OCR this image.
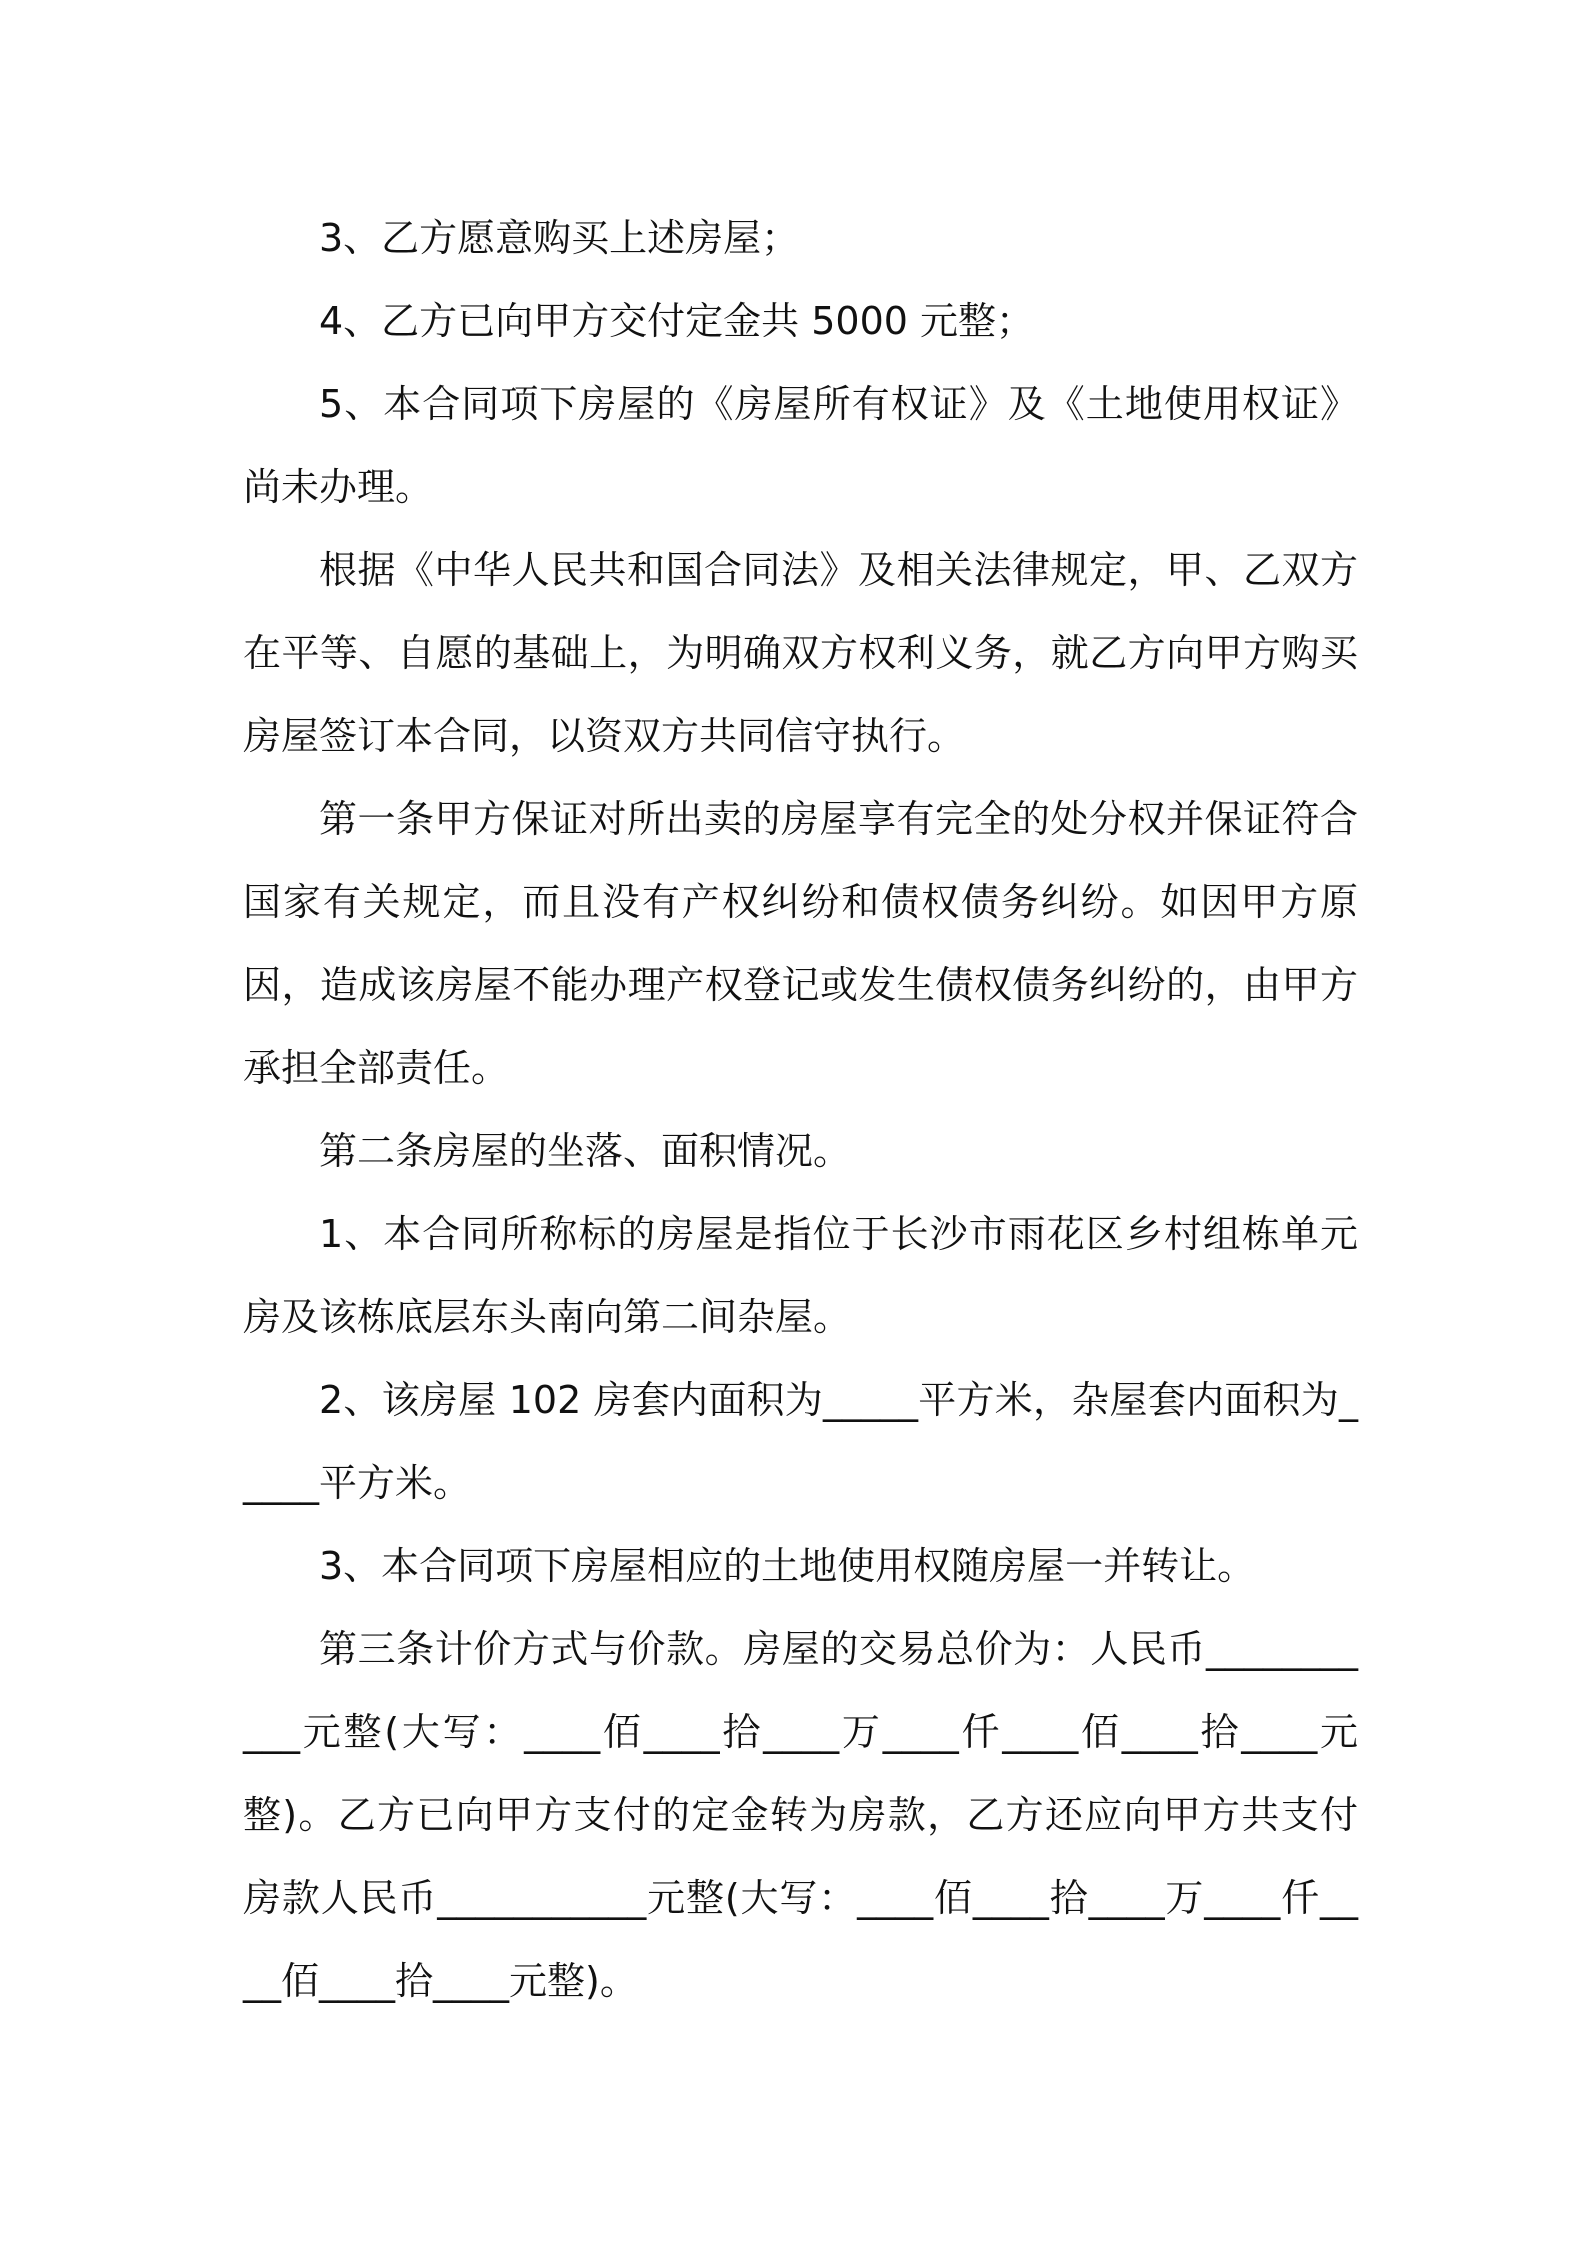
3、乙方愿意购买上述房屋；

4、乙方已向甲方交付定金共 5000 元整；

5、本合同项下房屋的《房屋所有权证》及《土地使用权证》尚未办理。

根据《中华人民共和国合同法》及相关法律规定，甲、乙双方在平等、自愿的基础上，为明确双方权利义务，就乙方向甲方购买房屋签订本合同，以资双方共同信守执行。

第一条甲方保证对所出卖的房屋享有完全的处分权并保证符合国家有关规定，而且没有产权纠纷和债权债务纠纷。如因甲方原因，造成该房屋不能办理产权登记或发生债权债务纠纷的，由甲方承担全部责任。

第二条房屋的坐落、面积情况。

1、本合同所称标的房屋是指位于长沙市雨花区乡村组栋单元房及该栋底层东头南向第二间杂屋。

2、该房屋 102 房套内面积为_____平方米，杂屋套内面积为_____平方米。

3、本合同项下房屋相应的土地使用权随房屋一并转让。

第三条计价方式与价款。房屋的交易总价为：人民币___________元整(大写：____佰____拾____万____仟____佰____拾____元整)。乙方已向甲方支付的定金转为房款，乙方还应向甲方共支付房款人民币___________元整(大写：____佰____拾____万____仟____佰____拾____元整)。
